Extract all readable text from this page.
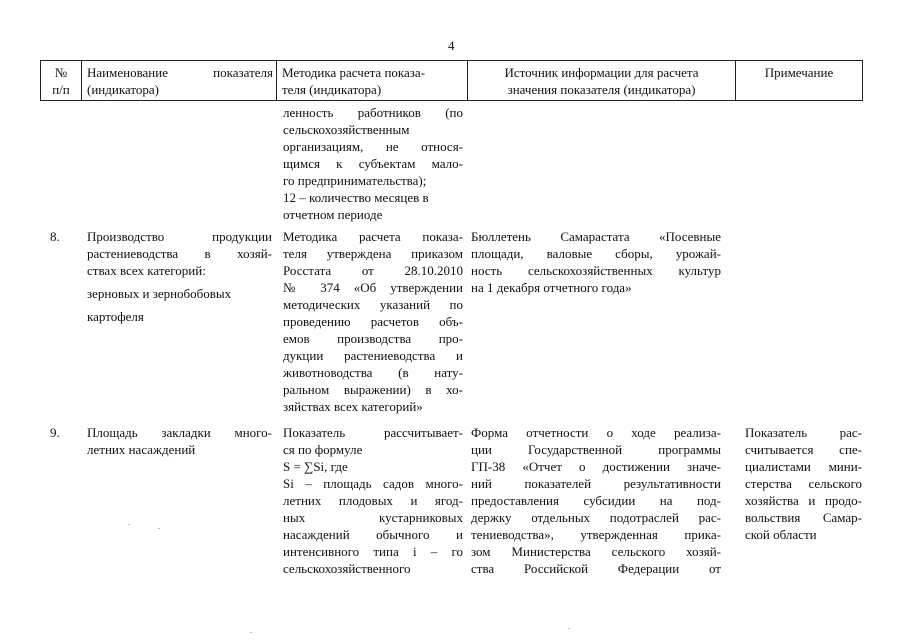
4
№
п/п
Наименование показателя
(индикатора)
Методика расчета показа-
теля (индикатора)
Источник информации для расчета
значения показателя (индикатора)
Примечание
ленность работников (по
сельскохозяйственным
организациям, не относя-
щимся к субъектам мало-
го предпринимательства);
12 – количество месяцев в
отчетном периоде
8. Производство продукции
растениеводства в хозяй-
ствах всех категорий:
зерновых и зернобобовых
картофеля
Методика расчета показа-
теля утверждена приказом
Росстата от 28.10.2010
№ 374 «Об утверждении
методических указаний по
проведению расчетов объ-
емов производства про-
дукции растениеводства и
животноводства (в нату-
ральном выражении) в хо-
зяйствах всех категорий»
Бюллетень Самарастата «Посевные
площади, валовые сборы, урожай-
ность сельскохозяйственных культур
на 1 декабря отчетного года»
9. Площадь закладки много-
летних насаждений
Показатель рассчитывает-
ся по формуле
S = ∑Si, где
Si – площадь садов много-
летних плодовых и ягод-
ных кустарниковых
насаждений обычного и
интенсивного типа i – го
сельскохозяйственного
Форма отчетности о ходе реализа-
ции Государственной программы
ГП-38 «Отчет о достижении значе-
ний показателей результативности
предоставления субсидии на под-
держку отдельных подотраслей рас-
тениеводства», утвержденная прика-
зом Министерства сельского хозяй-
ства Российской Федерации от
Показатель рас-
считывается спе-
циалистами мини-
стерства сельского
хозяйства и продо-
вольствия Самар-
ской области
